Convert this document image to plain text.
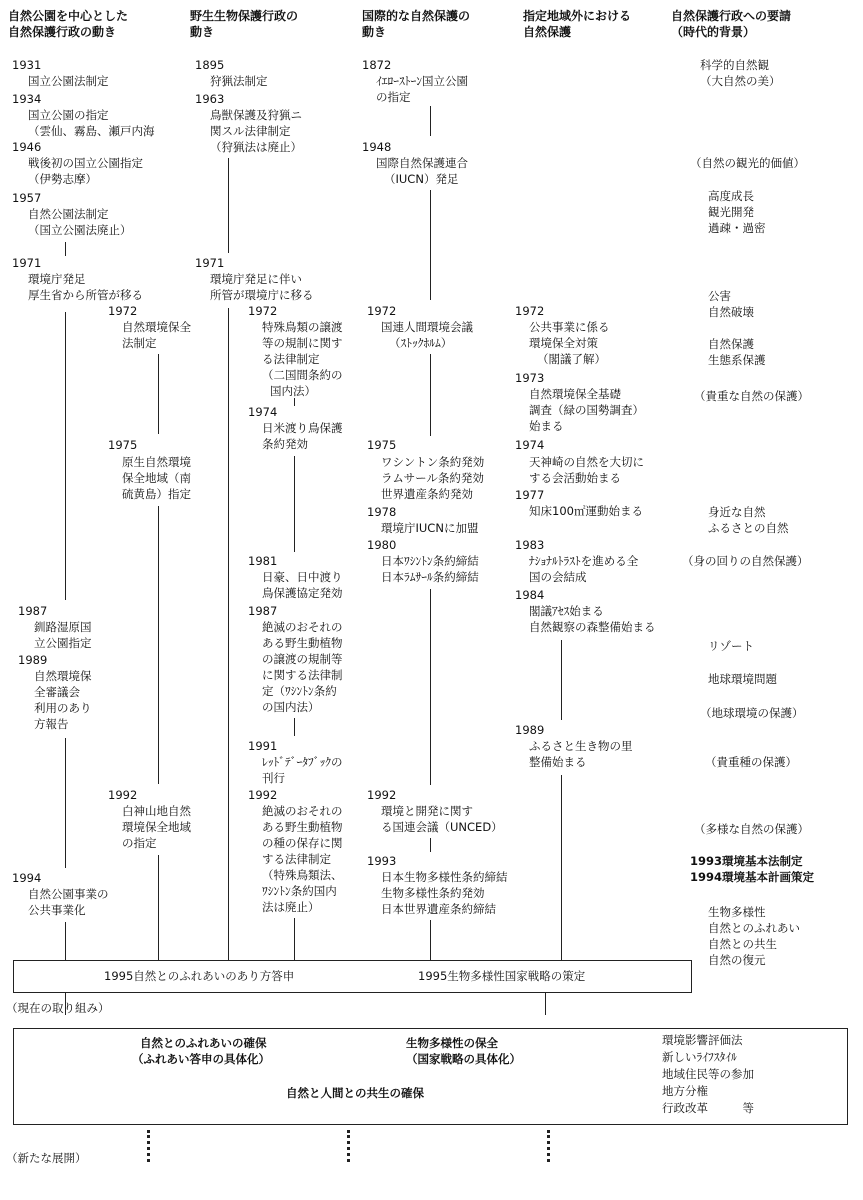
自然公園を中心とした
自然保護行政の動き
野生生物保護行政の
動き
国際的な自然保護の
動き
指定地域外における
自然保護
自然保護行政への要請
（時代的背景）
1931
国立公園法制定
1934
国立公園の指定
（雲仙、霧島、瀬戸内海
1946
戦後初の国立公園指定
（伊勢志摩）
1957
自然公園法制定
（国立公園法廃止）
1971
環境庁発足
厚生省から所管が移る
1987
釧路湿原国
立公園指定
1989
自然環境保
全審議会
利用のあり
方報告
1994
自然公園事業の
公共事業化
1972
自然環境保全
法制定
1975
原生自然環境
保全地域（南
硫黄島）指定
1992
白神山地自然
環境保全地域
の指定
1895
狩猟法制定
1963
鳥獣保護及狩猟ニ
関スル法律制定
（狩猟法は廃止）
1971
環境庁発足に伴い
所管が環境庁に移る
1972
特殊鳥類の譲渡
等の規制に関す
る法律制定
（二国間条約の
国内法）
1974
日米渡り鳥保護
条約発効
1981
日豪、日中渡り
鳥保護協定発効
1987
絶滅のおそれの
ある野生動植物
の譲渡の規制等
に関する法律制
定（ﾜｼﾝﾄﾝ条約
の国内法）
1991
ﾚｯﾄﾞﾃﾞｰﾀﾌﾞｯｸの
刊行
1992
絶滅のおそれの
ある野生動植物
の種の保存に関
する法律制定
（特殊鳥類法、
ﾜｼﾝﾄﾝ条約国内
法は廃止）
1872
ｲｴﾛｰｽﾄｰﾝ国立公園
の指定
1948
国際自然保護連合
（IUCN）発足
1972
国連人間環境会議
（ｽﾄｯｸﾎﾙﾑ）
1975
ワシントン条約発効
ラムサール条約発効
世界遺産条約発効
1978
環境庁IUCNに加盟
1980
日本ﾜｼﾝﾄﾝ条約締結
日本ﾗﾑｻｰﾙ条約締結
1992
環境と開発に関す
る国連会議（UNCED）
1993
日本生物多様性条約締結
生物多様性条約発効
日本世界遺産条約締結
1972
公共事業に係る
環境保全対策
（閣議了解）
1973
自然環境保全基礎
調査（緑の国勢調査）
始まる
1974
天神崎の自然を大切に
する会活動始まる
1977
知床100㎡運動始まる
1983
ﾅｼｮﾅﾙﾄﾗｽﾄを進める全
国の会結成
1984
閣議ｱｾｽ始まる
自然観察の森整備始まる
1989
ふるさと生き物の里
整備始まる
科学的自然観
（大自然の美）
（自然の観光的価値）
高度成長
観光開発
過疎・過密
公害
自然破壊
自然保護
生態系保護
（貴重な自然の保護）
身近な自然
ふるさとの自然
（身の回りの自然保護）
リゾート
地球環境問題
（地球環境の保護）
（貴重種の保護）
（多様な自然の保護）
1993環境基本法制定
1994環境基本計画策定
生物多様性
自然とのふれあい
自然との共生
自然の復元
1995自然とのふれあいのあり方答申	1995生物多様性国家戦略の策定
（現在の取り組み）
自然とのふれあいの確保
（ふれあい答申の具体化）
生物多様性の保全
（国家戦略の具体化）
自然と人間との共生の確保
環境影響評価法
新しいﾗｲﾌｽﾀｲﾙ
地域住民等の参加
地方分権
行政改革　　　等
（新たな展開）
